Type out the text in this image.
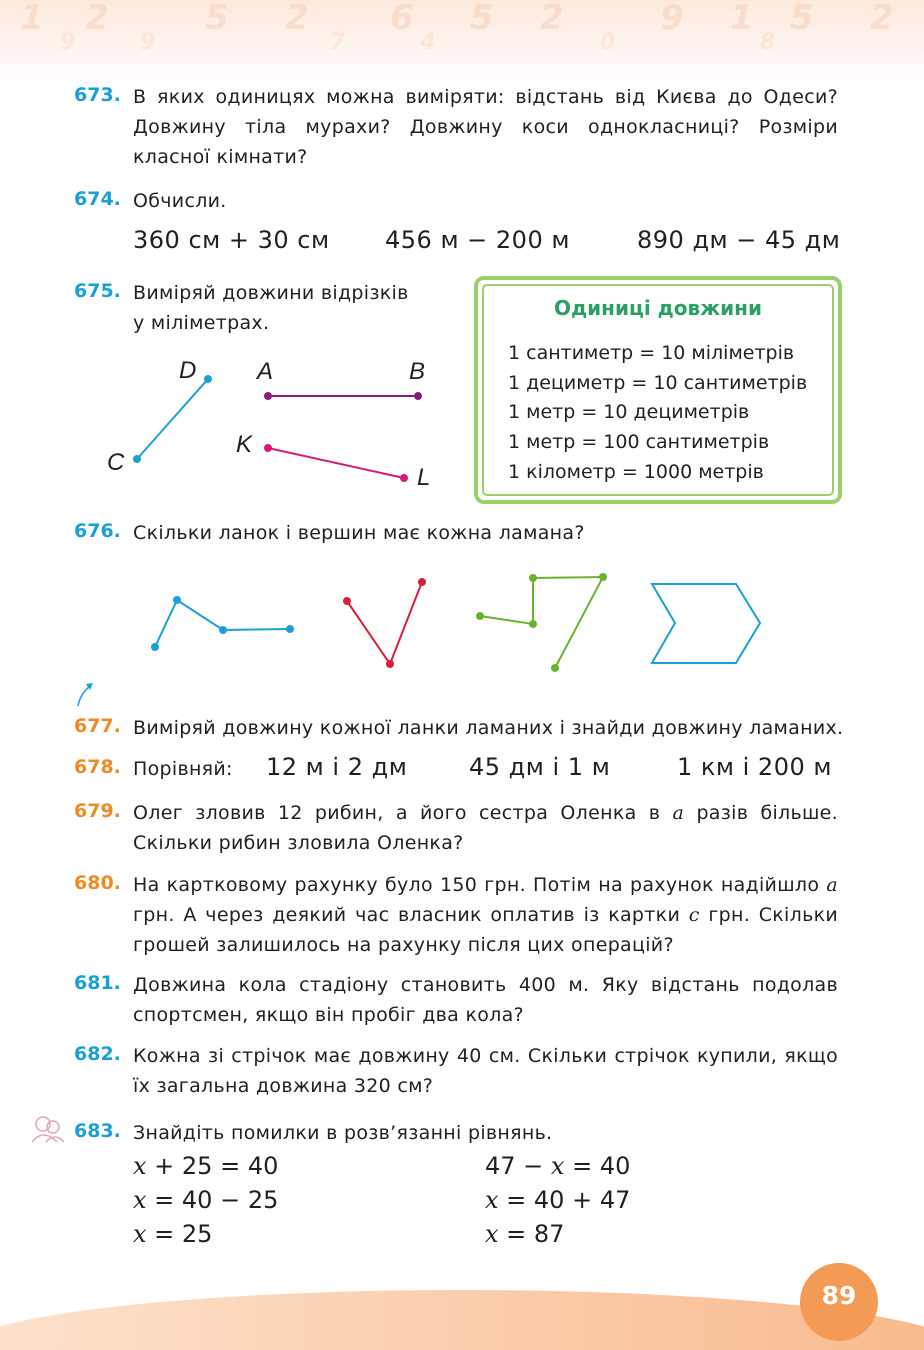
1 2
9
5 2
7
6 5 2
0
9 1 5 2
9	4	8
89
673. В яких одиницях можна виміряти: відстань від Києва до Одеси? Довжину тіла мурахи? Довжину коси однокласниці? Розміри класної кімнати?
674. Обчисли.
360 см + 30 см 456 м − 200 м	890 дм − 45 дм
675. Виміряй довжини відрізків
у міліметрах.
D
C
A	B
K
L
Одиниці довжини
1 сантиметр = 10 міліметрів
1 дециметр = 10 сантиметрів
1 метр = 10 дециметрів
1 метр = 100 сантиметрів
1 кілометр = 1000 метрів
676. Скільки ланок і вершин має кожна ламана?
677. Виміряй довжину кожної ланки ламаних і знайди довжину ламаних.
678. Порівняй:	12 м і 2 дм	45 дм і 1 м	1 км і 200 м
679. Олег зловив 12 рибин, а його сестра Оленка в a разів більше. Скільки рибин зловила Оленка?
680. На картковому рахунку було 150 грн. Потім на рахунок надійшло a грн. А через деякий час власник оплатив із картки c грн. Скільки грошей залишилось на рахунку після цих операцій?
681. Довжина кола стадіону становить 400 м. Яку відстань подолав спортсмен, якщо він пробіг два кола?
682. Кожна зі стрічок має довжину 40 см. Скільки стрічок купили, якщо їх загальна довжина 320 см?
683. Знайдіть помилки в розв’язанні рівнянь.
x + 25 = 40
x = 40 − 25
x = 25
47 − x = 40
x = 40 + 47
x = 87
